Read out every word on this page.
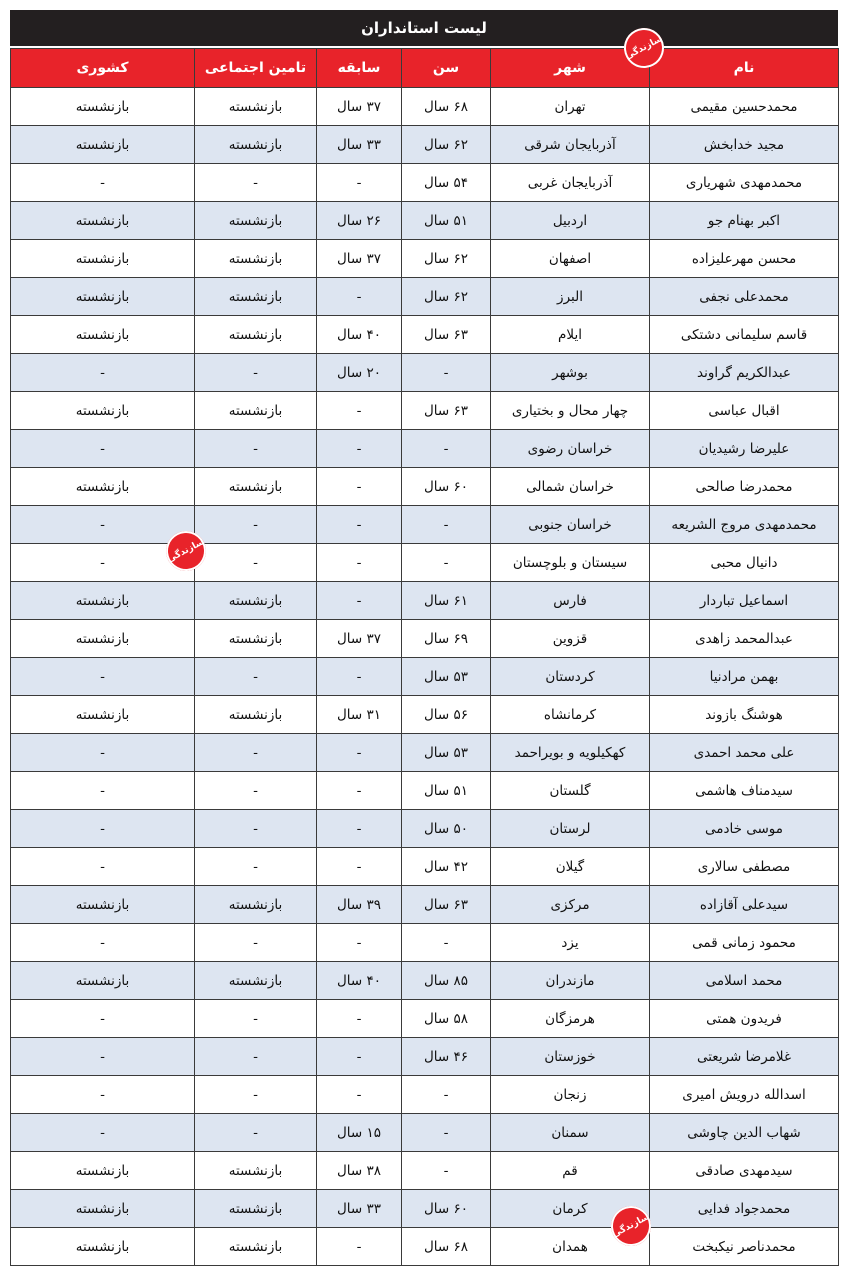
لیست استانداران
نام	شهر	سن	سابقه	تامین اجتماعی	کشوری
محمدحسین مقیمی	تهران	۶۸ سال	۳۷ سال	بازنشسته	بازنشسته
مجید خدابخش	آذربایجان شرقی	۶۲ سال	۳۳ سال	بازنشسته	بازنشسته
محمدمهدی شهریاری	آذربایجان غربی	۵۴ سال	-	-	-
اکبر بهنام جو	اردبیل	۵۱ سال	۲۶ سال	بازنشسته	بازنشسته
محسن مهرعلیزاده	اصفهان	۶۲ سال	۳۷ سال	بازنشسته	بازنشسته
محمدعلی نجفی	البرز	۶۲ سال	-	بازنشسته	بازنشسته
قاسم سلیمانی دشتکی	ایلام	۶۳ سال	۴۰ سال	بازنشسته	بازنشسته
عبدالکریم گراوند	بوشهر	-	۲۰ سال	-	-
اقبال عباسی	چهار محال و بختیاری	۶۳ سال	-	بازنشسته	بازنشسته
علیرضا رشیدیان	خراسان رضوی	-	-	-	-
محمدرضا صالحی	خراسان شمالی	۶۰ سال	-	بازنشسته	بازنشسته
محمدمهدی مروج الشریعه	خراسان جنوبی	-	-	-	-
دانیال محبی	سیستان و بلوچستان	-	-	-	-
اسماعیل تباردار	فارس	۶۱ سال	-	بازنشسته	بازنشسته
عبدالمحمد زاهدی	قزوین	۶۹ سال	۳۷ سال	بازنشسته	بازنشسته
بهمن مرادنیا	کردستان	۵۳ سال	-	-	-
هوشنگ بازوند	کرمانشاه	۵۶ سال	۳۱ سال	بازنشسته	بازنشسته
علی محمد احمدی	کهکیلویه و بویراحمد	۵۳ سال	-	-	-
سیدمناف هاشمی	گلستان	۵۱ سال	-	-	-
موسی خادمی	لرستان	۵۰ سال	-	-	-
مصطفی سالاری	گیلان	۴۲ سال	-	-	-
سیدعلی آقازاده	مرکزی	۶۳ سال	۳۹ سال	بازنشسته	بازنشسته
محمود زمانی قمی	یزد	-	-	-	-
محمد اسلامی	مازندران	۸۵ سال	۴۰ سال	بازنشسته	بازنشسته
فریدون همتی	هرمزگان	۵۸ سال	-	-	-
غلامرضا شریعتی	خوزستان	۴۶ سال	-	-	-
اسدالله درویش امیری	زنجان	-	-	-	-
شهاب الدین چاوشی	سمنان	-	۱۵ سال	-	-
سیدمهدی صادقی	قم	-	۳۸ سال	بازنشسته	بازنشسته
محمدجواد فدایی	کرمان	۶۰ سال	۳۳ سال	بازنشسته	بازنشسته
محمدناصر نیکبخت	همدان	۶۸ سال	-	بازنشسته	بازنشسته
سازندگی
سازندگی
سازندگی
